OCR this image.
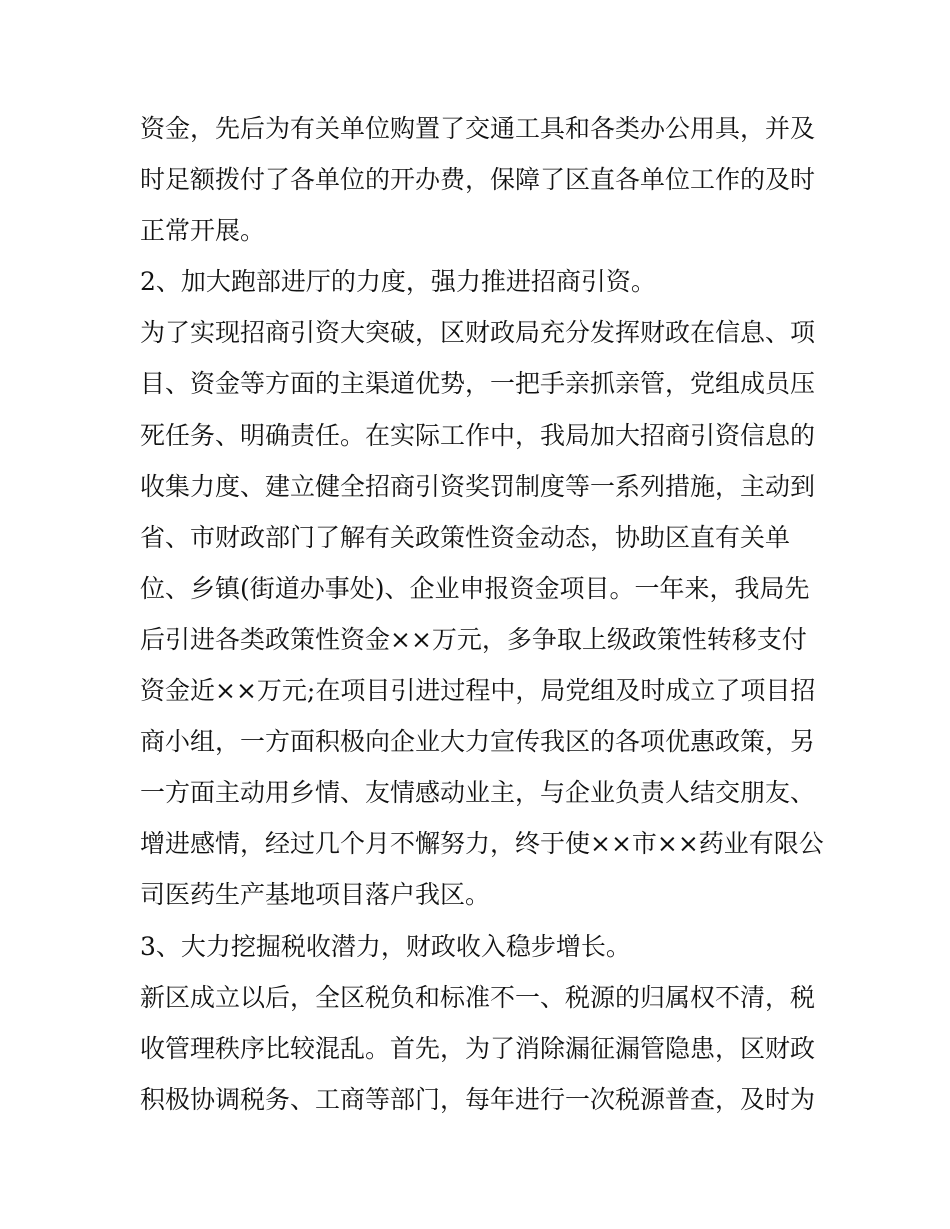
资金，先后为有关单位购置了交通工具和各类办公用具，并及
时足额拨付了各单位的开办费，保障了区直各单位工作的及时
正常开展。
2、加大跑部进厅的力度，强力推进招商引资。
为了实现招商引资大突破，区财政局充分发挥财政在信息、项
目、资金等方面的主渠道优势，一把手亲抓亲管，党组成员压
死任务、明确责任。在实际工作中，我局加大招商引资信息的
收集力度、建立健全招商引资奖罚制度等一系列措施，主动到
省、市财政部门了解有关政策性资金动态，协助区直有关单
位、乡镇(街道办事处)、企业申报资金项目。一年来，我局先
后引进各类政策性资金××万元，多争取上级政策性转移支付
资金近××万元;在项目引进过程中，局党组及时成立了项目招
商小组，一方面积极向企业大力宣传我区的各项优惠政策，另
一方面主动用乡情、友情感动业主，与企业负责人结交朋友、
增进感情，经过几个月不懈努力，终于使××市××药业有限公
司医药生产基地项目落户我区。
3、大力挖掘税收潜力，财政收入稳步增长。
新区成立以后，全区税负和标准不一、税源的归属权不清，税
收管理秩序比较混乱。首先，为了消除漏征漏管隐患，区财政
积极协调税务、工商等部门，每年进行一次税源普查，及时为
